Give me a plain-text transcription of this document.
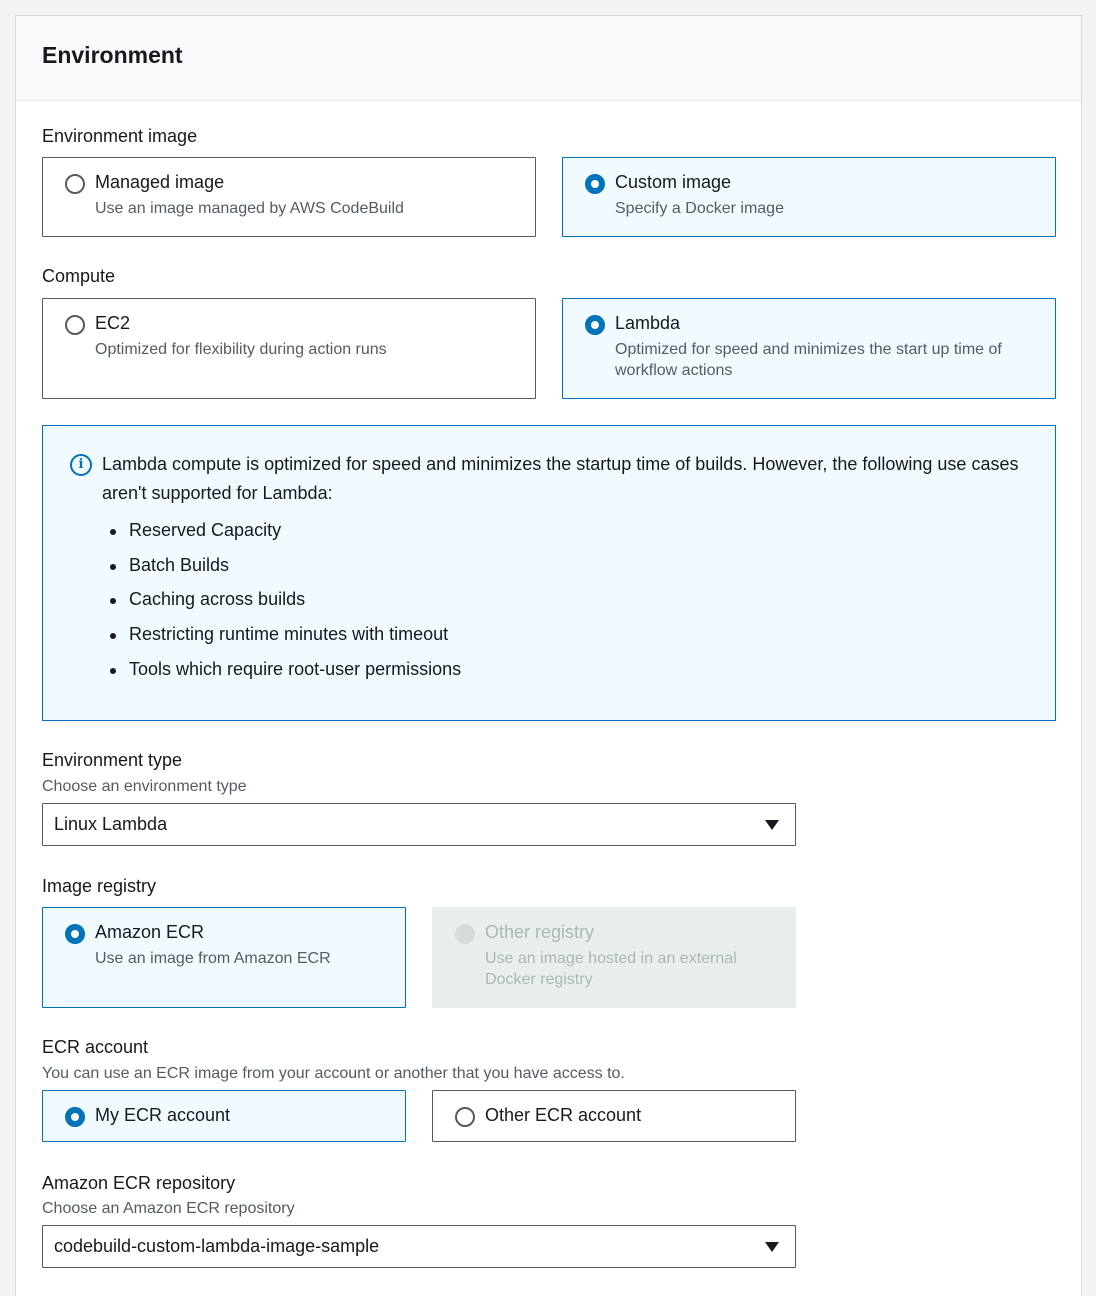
Environment
Environment image
Managed image
Use an image managed by AWS CodeBuild
Custom image
Specify a Docker image
Compute
EC2
Optimized for flexibility during action runs
Lambda
Optimized for speed and minimizes the start up time of workflow actions
i	Lambda compute is optimized for speed and minimizes the startup time of builds. However, the following use cases aren't supported for Lambda:
Reserved Capacity
Batch Builds
Caching across builds
Restricting runtime minutes with timeout
Tools which require root-user permissions
Environment type
Choose an environment type
Linux Lambda
Image registry
Amazon ECR
Use an image from Amazon ECR
Other registry
Use an image hosted in an external Docker registry
ECR account
You can use an ECR image from your account or another that you have access to.
My ECR account	Other ECR account
Amazon ECR repository
Choose an Amazon ECR repository
codebuild-custom-lambda-image-sample
